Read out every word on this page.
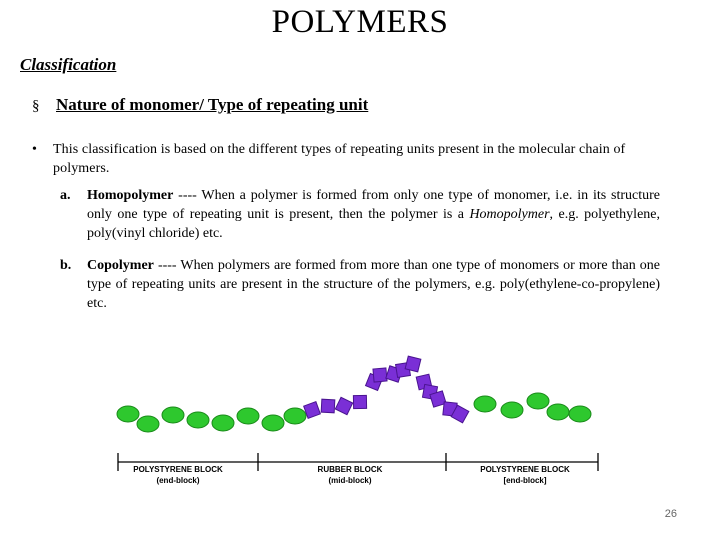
POLYMERS
Classification
§ Nature of monomer/ Type of repeating unit
• This classification is based on the different types of repeating units present in the molecular chain of polymers.
a. Homopolymer ---- When a polymer is formed from only one type of monomer, i.e. in its structure only one type of repeating unit is present, then the polymer is a Homopolymer, e.g. polyethylene, poly(vinyl chloride) etc.
b. Copolymer ---- When polymers are formed from more than one type of monomers or more than one type of repeating units are present in the structure of the polymers, e.g. poly(ethylene-co-propylene) etc.
POLYSTYRENE BLOCK
(end-block)
RUBBER BLOCK
(mid-block)
POLYSTYRENE BLOCK
[end-block]
26
